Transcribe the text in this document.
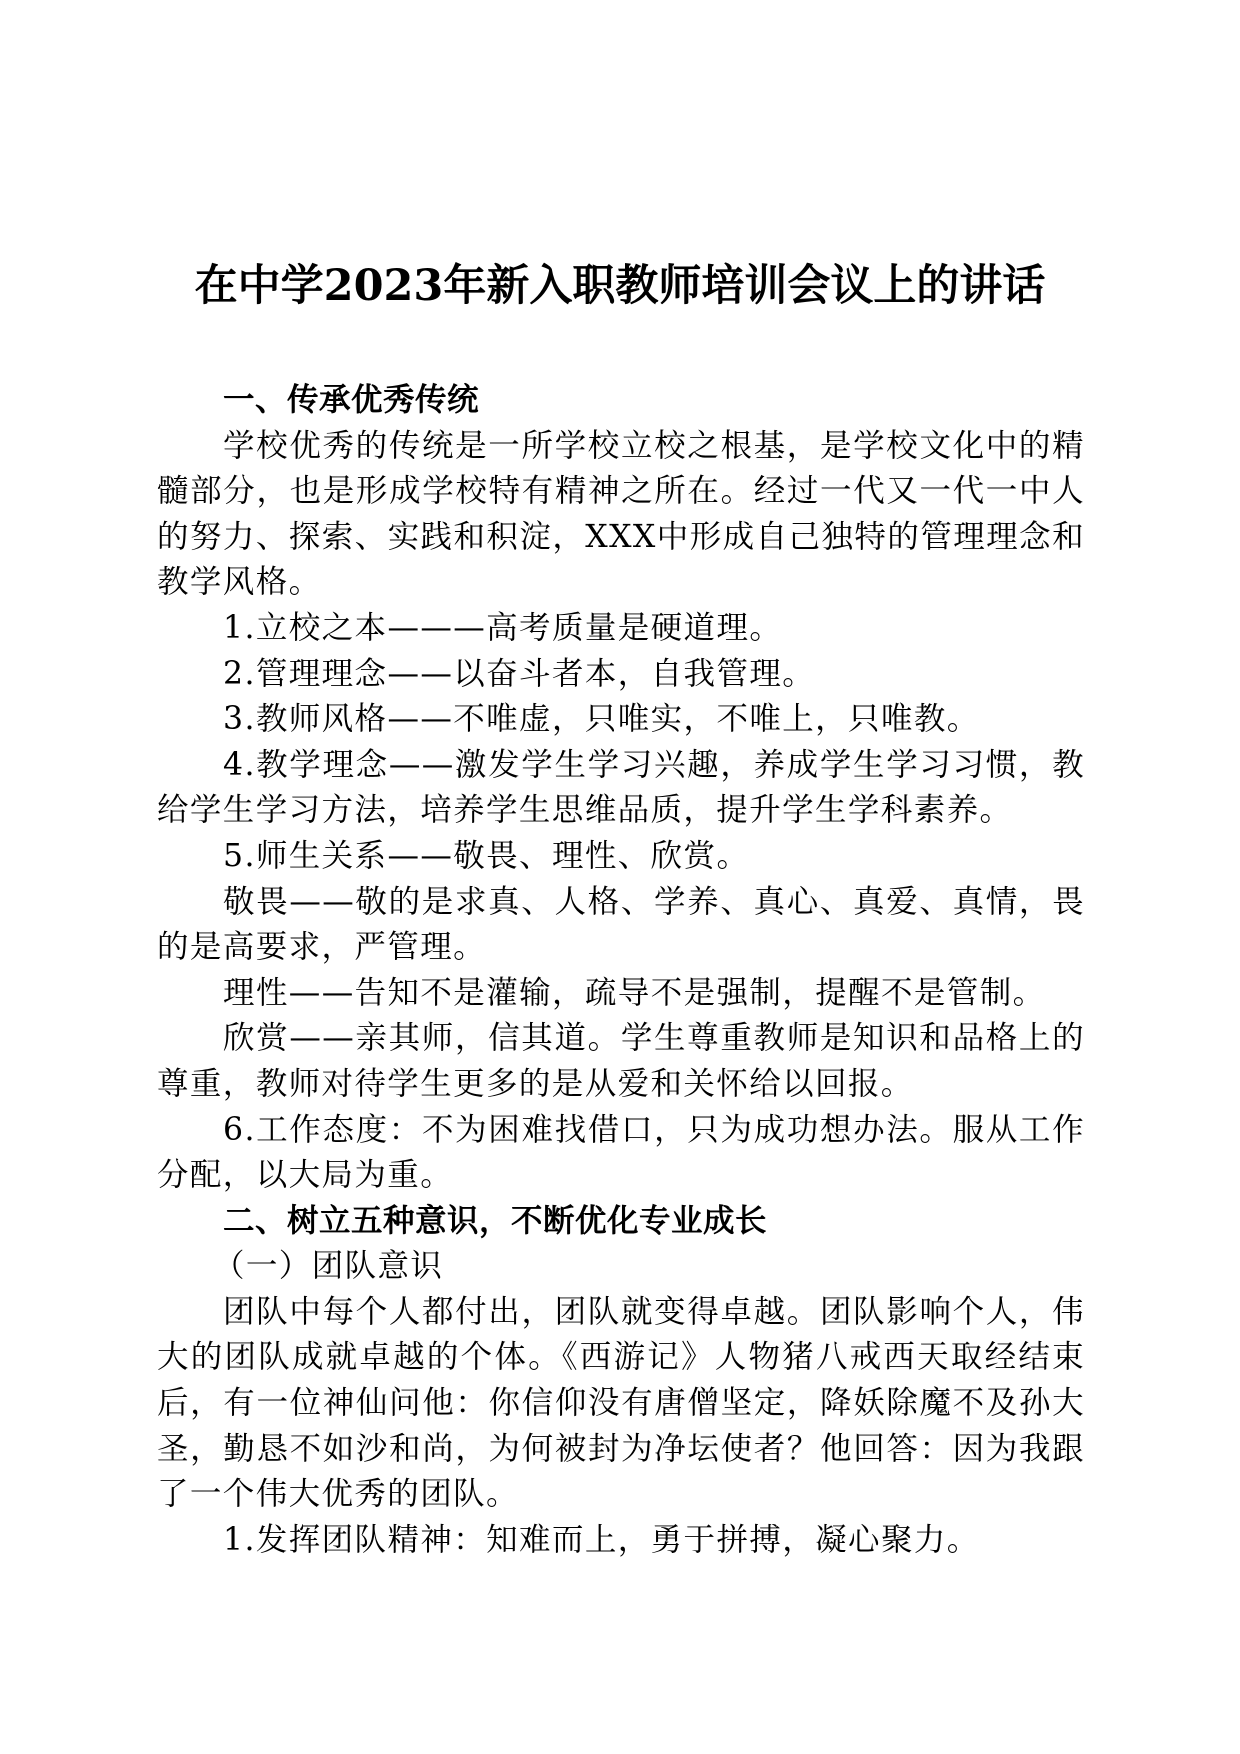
在中学2023年新入职教师培训会议上的讲话

一、传承优秀传统

学校优秀的传统是一所学校立校之根基，是学校文化中的精髓部分，也是形成学校特有精神之所在。经过一代又一代一中人的努力、探索、实践和积淀，XXX中形成自己独特的管理理念和教学风格。

1.立校之本———高考质量是硬道理。

2.管理理念——以奋斗者本，自我管理。

3.教师风格——不唯虚，只唯实，不唯上，只唯教。

4.教学理念——激发学生学习兴趣，养成学生学习习惯，教给学生学习方法，培养学生思维品质，提升学生学科素养。

5.师生关系——敬畏、理性、欣赏。

敬畏——敬的是求真、人格、学养、真心、真爱、真情，畏的是高要求，严管理。

理性——告知不是灌输，疏导不是强制，提醒不是管制。

欣赏——亲其师，信其道。学生尊重教师是知识和品格上的尊重，教师对待学生更多的是从爱和关怀给以回报。

6.工作态度：不为困难找借口，只为成功想办法。服从工作分配，以大局为重。

二、树立五种意识，不断优化专业成长

（一）团队意识

团队中每个人都付出，团队就变得卓越。团队影响个人，伟大的团队成就卓越的个体。《西游记》人物猪八戒西天取经结束后，有一位神仙问他：你信仰没有唐僧坚定，降妖除魔不及孙大圣，勤恳不如沙和尚，为何被封为净坛使者？他回答：因为我跟了一个伟大优秀的团队。

1.发挥团队精神：知难而上，勇于拼搏，凝心聚力。
